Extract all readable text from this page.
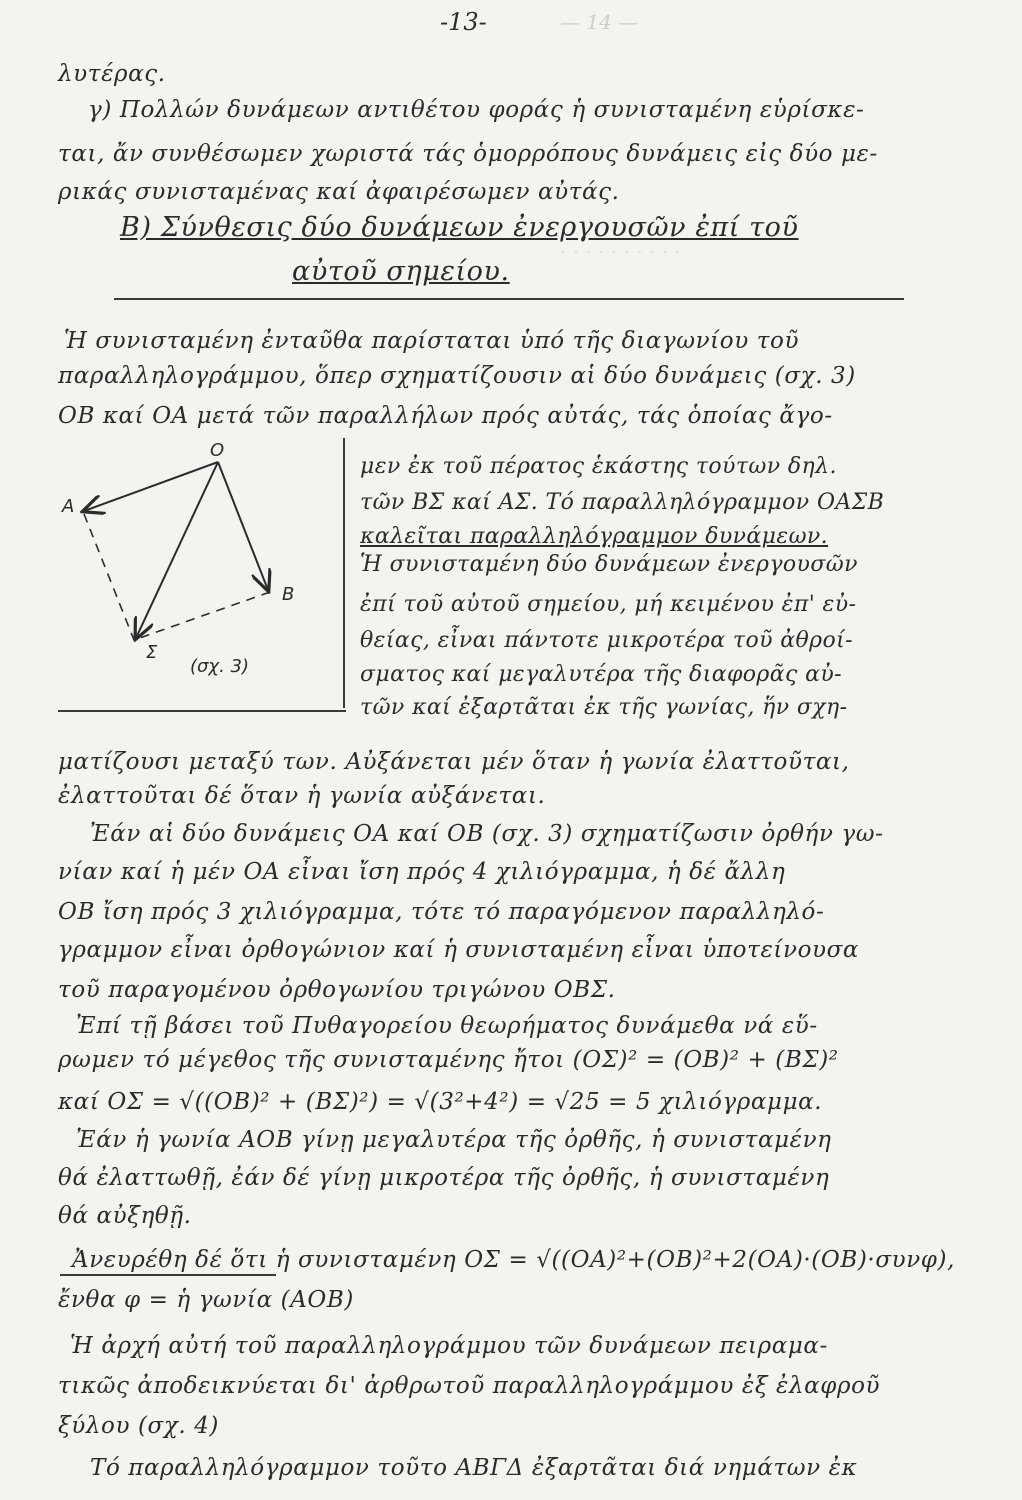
— 14 —
· · · · · · · · · ·
-13-
λυτέρας.
γ) Πολλών δυνάμεων αντιθέτου φοράς ἡ συνισταμένη εὑρίσκε-
ται, ἄν συνθέσωμεν χωριστά τάς ὁμορρόπους δυνάμεις εἰς δύο με-
ρικάς συνισταμένας καί ἀφαιρέσωμεν αὐτάς.
Β) Σύνθεσις δύο δυνάμεων ἐνεργουσῶν ἐπί τοῦ
αὐτοῦ σημείου.
Ἡ συνισταμένη ἐνταῦθα παρίσταται ὑπό τῆς διαγωνίου τοῦ
παραλληλογράμμου, ὅπερ σχηματίζουσιν αἱ δύο δυνάμεις (σχ. 3)
ΟΒ καί ΟΑ μετά τῶν παραλλήλων πρός αὐτάς, τάς ὁποίας ἄγο-
Ο
Α
Β
Σ
(σχ. 3)
μεν ἐκ τοῦ πέρατος ἑκάστης τούτων δηλ.
τῶν ΒΣ καί ΑΣ. Τό παραλληλόγραμμον ΟΑΣΒ
καλεῖται παραλληλόγραμμον δυνάμεων.
Ἡ συνισταμένη δύο δυνάμεων ἐνεργουσῶν
ἐπί τοῦ αὐτοῦ σημείου, μή κειμένου ἐπ' εὐ-
θείας, εἶναι πάντοτε μικροτέρα τοῦ ἀθροί-
σματος καί μεγαλυτέρα τῆς διαφορᾶς αὐ-
τῶν καί ἐξαρτᾶται ἐκ τῆς γωνίας, ἥν σχη-
ματίζουσι μεταξύ των. Αὐξάνεται μέν ὅταν ἡ γωνία ἐλαττοῦται,
ἐλαττοῦται δέ ὅταν ἡ γωνία αὐξάνεται.
Ἐάν αἱ δύο δυνάμεις ΟΑ καί ΟΒ (σχ. 3) σχηματίζωσιν ὀρθήν γω-
νίαν καί ἡ μέν ΟΑ εἶναι ἴση πρός 4 χιλιόγραμμα, ἡ δέ ἄλλη
ΟΒ ἴση πρός 3 χιλιόγραμμα, τότε τό παραγόμενον παραλληλό-
γραμμον εἶναι ὀρθογώνιον καί ἡ συνισταμένη εἶναι ὑποτείνουσα
τοῦ παραγομένου ὀρθογωνίου τριγώνου ΟΒΣ.
Ἐπί τῇ βάσει τοῦ Πυθαγορείου θεωρήματος δυνάμεθα νά εὕ-
ρωμεν τό μέγεθος τῆς συνισταμένης ἤτοι (ΟΣ)² = (ΟΒ)² + (ΒΣ)²
καί ΟΣ = √((ΟΒ)² + (ΒΣ)²) = √(3²+4²) = √25 = 5 χιλιόγραμμα.
Ἐάν ἡ γωνία ΑΟΒ γίνῃ μεγαλυτέρα τῆς ὀρθῆς, ἡ συνισταμένη
θά ἐλαττωθῇ, ἐάν δέ γίνῃ μικροτέρα τῆς ὀρθῆς, ἡ συνισταμένη
θά αὐξηθῇ.
Ἀνευρέθη δέ ὅτι ἡ συνισταμένη ΟΣ = √((ΟΑ)²+(ΟΒ)²+2(ΟΑ)·(ΟΒ)·συνφ),
ἔνθα φ = ἡ γωνία (ΑΟΒ)
Ἡ ἀρχή αὐτή τοῦ παραλληλογράμμου τῶν δυνάμεων πειραμα-
τικῶς ἀποδεικνύεται δι' ἀρθρωτοῦ παραλληλογράμμου ἐξ ἐλαφροῦ
ξύλου (σχ. 4)
Τό παραλληλόγραμμον τοῦτο ΑΒΓΔ ἐξαρτᾶται διά νημάτων ἐκ
